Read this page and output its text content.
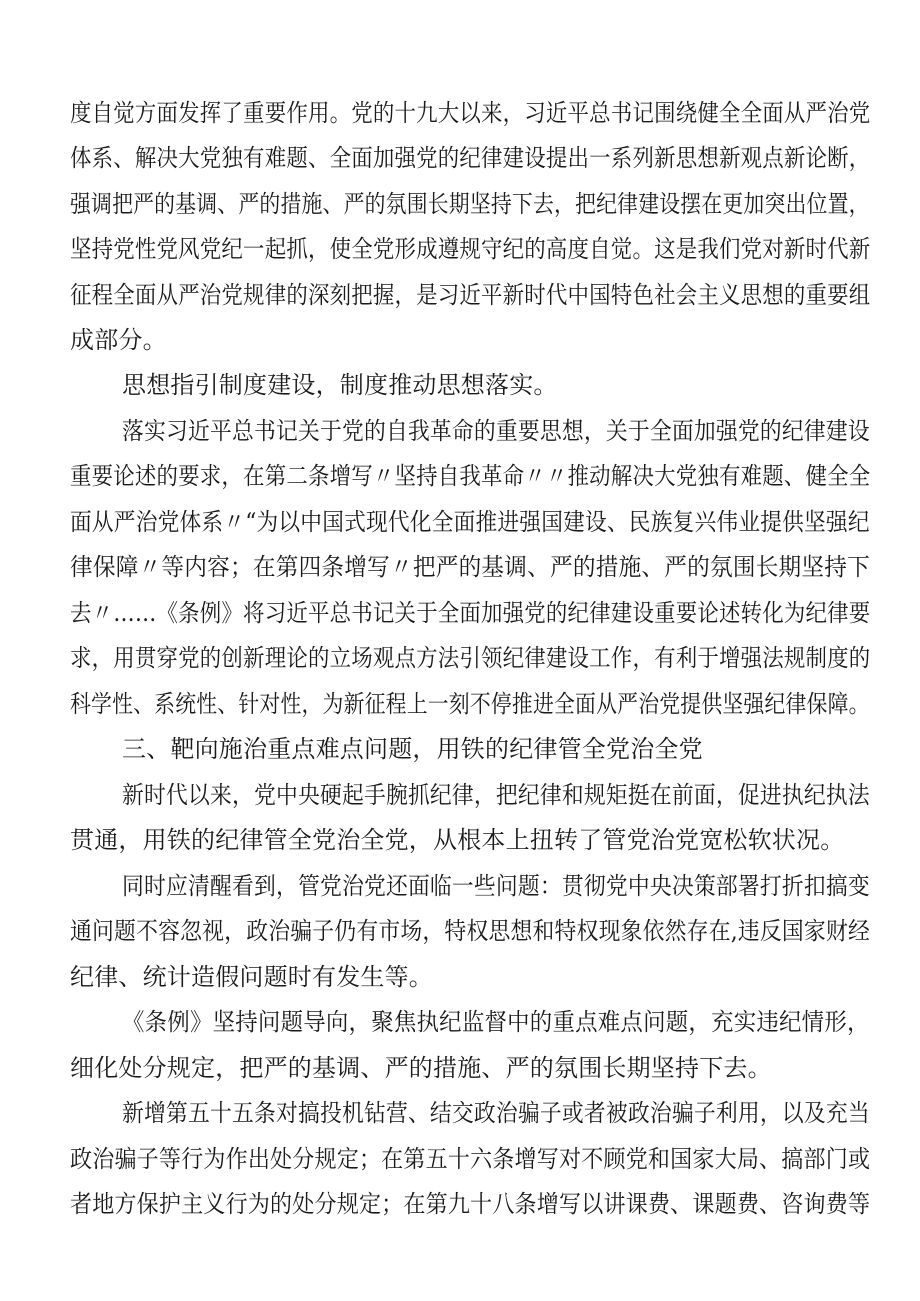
度自觉方面发挥了重要作用。党的十九大以来，习近平总书记围绕健全全面从严治党
体系、解决大党独有难题、全面加强党的纪律建设提出一系列新思想新观点新论断，
强调把严的基调、严的措施、严的氛围长期坚持下去，把纪律建设摆在更加突出位置，
坚持党性党风党纪一起抓，使全党形成遵规守纪的高度自觉。这是我们党对新时代新
征程全面从严治党规律的深刻把握，是习近平新时代中国特色社会主义思想的重要组
成部分。
思想指引制度建设，制度推动思想落实。
落实习近平总书记关于党的自我革命的重要思想，关于全面加强党的纪律建设
重要论述的要求，在第二条增写〃坚持自我革命〃〃推动解决大党独有难题、健全全
面从严治党体系〃“为以中国式现代化全面推进强国建设、民族复兴伟业提供坚强纪
律保障〃等内容；在第四条增写〃把严的基调、严的措施、严的氛围长期坚持下
去〃……《条例》将习近平总书记关于全面加强党的纪律建设重要论述转化为纪律要
求，用贯穿党的创新理论的立场观点方法引领纪律建设工作，有利于增强法规制度的
科学性、系统性、针对性，为新征程上一刻不停推进全面从严治党提供坚强纪律保障。
三、靶向施治重点难点问题，用铁的纪律管全党治全党
新时代以来，党中央硬起手腕抓纪律，把纪律和规矩挺在前面，促进执纪执法
贯通，用铁的纪律管全党治全党，从根本上扭转了管党治党宽松软状况。
同时应清醒看到，管党治党还面临一些问题：贯彻党中央决策部署打折扣搞变
通问题不容忽视，政治骗子仍有市场，特权思想和特权现象依然存在,违反国家财经
纪律、统计造假问题时有发生等。
《条例》坚持问题导向，聚焦执纪监督中的重点难点问题，充实违纪情形，
细化处分规定，把严的基调、严的措施、严的氛围长期坚持下去。
新增第五十五条对搞投机钻营、结交政治骗子或者被政治骗子利用，以及充当
政治骗子等行为作出处分规定；在第五十六条增写对不顾党和国家大局、搞部门或
者地方保护主义行为的处分规定；在第九十八条增写以讲课费、课题费、咨询费等
